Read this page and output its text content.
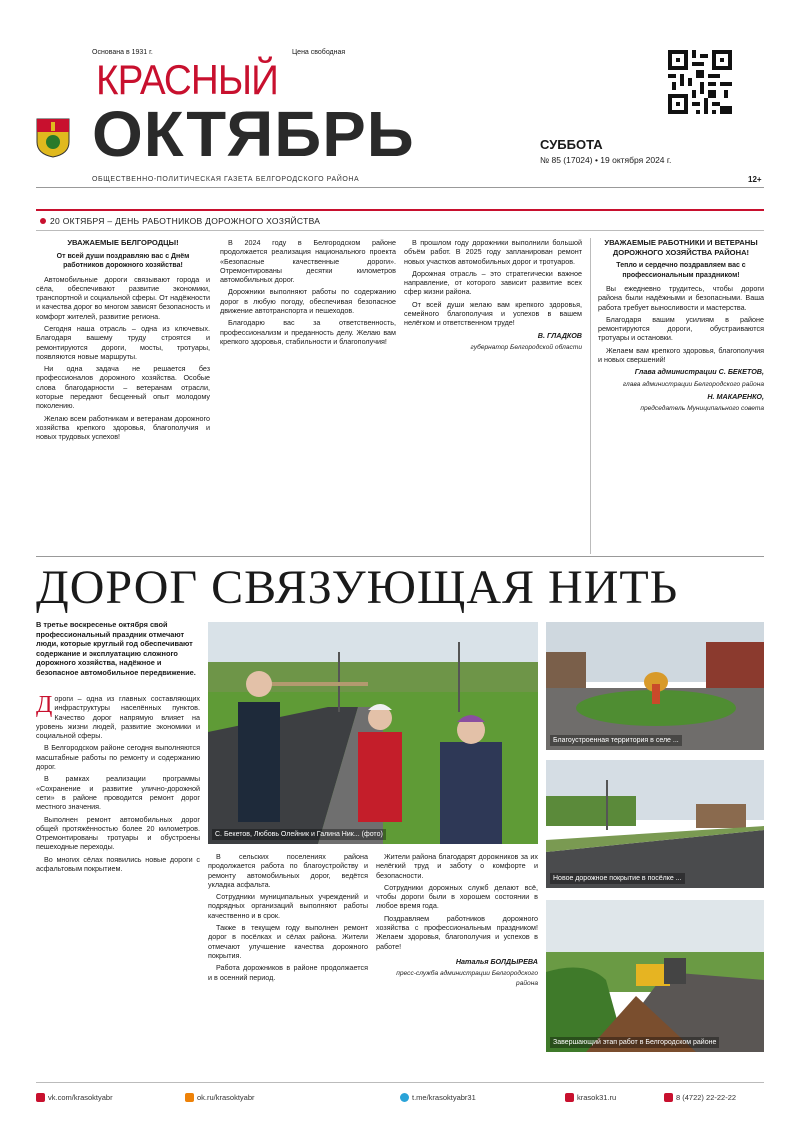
Основана в 1931 г.	Цена свободная
КРАСНЫЙ
ОКТЯБРЬ	СУББОТА
№ 85 (17024) • 19 октября 2024 г.
ОБЩЕСТВЕННО-ПОЛИТИЧЕСКАЯ ГАЗЕТА БЕЛГОРОДСКОГО РАЙОНА	12+
20 ОКТЯБРЯ – ДЕНЬ РАБОТНИКОВ ДОРОЖНОГО ХОЗЯЙСТВА

УВАЖАЕМЫЕ БЕЛГОРОДЦЫ!

От всей души поздравляю вас с Днём работников дорожного хозяйства!

Автомобильные дороги связывают города и сёла, обеспечивают развитие экономики, транспортной и социальной сферы. От надёжности и качества дорог во многом зависят безопасность и комфорт жителей, развитие региона.

Сегодня наша отрасль – одна из ключевых. Благодаря вашему труду строятся и ремонтируются дороги, мосты, тротуары, появляются новые маршруты.

Ни одна задача не решается без профессионалов дорожного хозяйства. Особые слова благодарности – ветеранам отрасли, которые передают бесценный опыт молодому поколению.

Желаю всем работникам и ветеранам дорожного хозяйства крепкого здоровья, благополучия и новых трудовых успехов!

В 2024 году в Белгородском районе продолжается реализация национального проекта «Безопасные качественные дороги». Отремонтированы десятки километров автомобильных дорог.

Дорожники выполняют работы по содержанию дорог в любую погоду, обеспечивая безопасное движение автотранспорта и пешеходов.

Благодарю вас за ответственность, профессионализм и преданность делу. Желаю вам крепкого здоровья, стабильности и благополучия!

В прошлом году дорожники выполнили большой объём работ. В 2025 году запланирован ремонт новых участков автомобильных дорог и тротуаров.

Дорожная отрасль – это стратегически важное направление, от которого зависит развитие всех сфер жизни района.

От всей души желаю вам крепкого здоровья, семейного благополучия и успехов в вашем нелёгком и ответственном труде!

В. ГЛАДКОВ

губернатор Белгородской области

УВАЖАЕМЫЕ РАБОТНИКИ И ВЕТЕРАНЫ ДОРОЖНОГО ХОЗЯЙСТВА РАЙОНА!

Тепло и сердечно поздравляем вас с профессиональным праздником!

Вы ежедневно трудитесь, чтобы дороги района были надёжными и безопасными. Ваша работа требует выносливости и мастерства.

Благодаря вашим усилиям в районе ремонтируются дороги, обустраиваются тротуары и остановки.

Желаем вам крепкого здоровья, благополучия и новых свершений!

Глава администрации С. БЕКЕТОВ,

глава администрации Белгородского района

Н. МАКАРЕНКО,

председатель Муниципального совета

ДОРОГ СВЯЗУЮЩАЯ НИТЬ
В третье воскресенье октября свой профессиональный праздник отмечают люди, которые круглый год обеспечивают содержание и эксплуатацию сложного дорожного хозяйства, надёжное и безопасное автомобильное передвижение.

Д ороги – одна из главных составляющих инфраструктуры населённых пунктов. Качество дорог напрямую влияет на уровень жизни людей, развитие экономики и социальной сферы.

В Белгородском районе сегодня выполняются масштабные работы по ремонту и содержанию дорог.

В рамках реализации программы «Сохранение и развитие улично-дорожной сети» в районе проводится ремонт дорог местного значения.

Выполнен ремонт автомобильных дорог общей протяжённостью более 20 километров. Отремонтированы тротуары и обустроены пешеходные переходы.

Во многих сёлах появились новые дороги с асфальтовым покрытием.

С. Бекетов, Любовь Олейник и Галина Ник... (фото)
Благоустроенная территория в селе ...
Новое дорожное покрытие в посёлке ...
Завершающий этап работ в Белгородском районе

В сельских поселениях района продолжается работа по благоустройству и ремонту автомобильных дорог, ведётся укладка асфальта.

Сотрудники муниципальных учреждений и подрядных организаций выполняют работы качественно и в срок.

Также в текущем году выполнен ремонт дорог в посёлках и сёлах района. Жители отмечают улучшение качества дорожного покрытия.

Работа дорожников в районе продолжается и в осенний период.

Жители района благодарят дорожников за их нелёгкий труд и заботу о комфорте и безопасности.

Сотрудники дорожных служб делают всё, чтобы дороги были в хорошем состоянии в любое время года.

Поздравляем работников дорожного хозяйства с профессиональным праздником! Желаем здоровья, благополучия и успехов в работе!

Наталья БОЛДЫРЕВА

пресс-служба администрации Белгородского района

vk.com/krasoktyabr	ok.ru/krasoktyabr	t.me/krasoktyabr31	krasok31.ru	8 (4722) 22-22-22
